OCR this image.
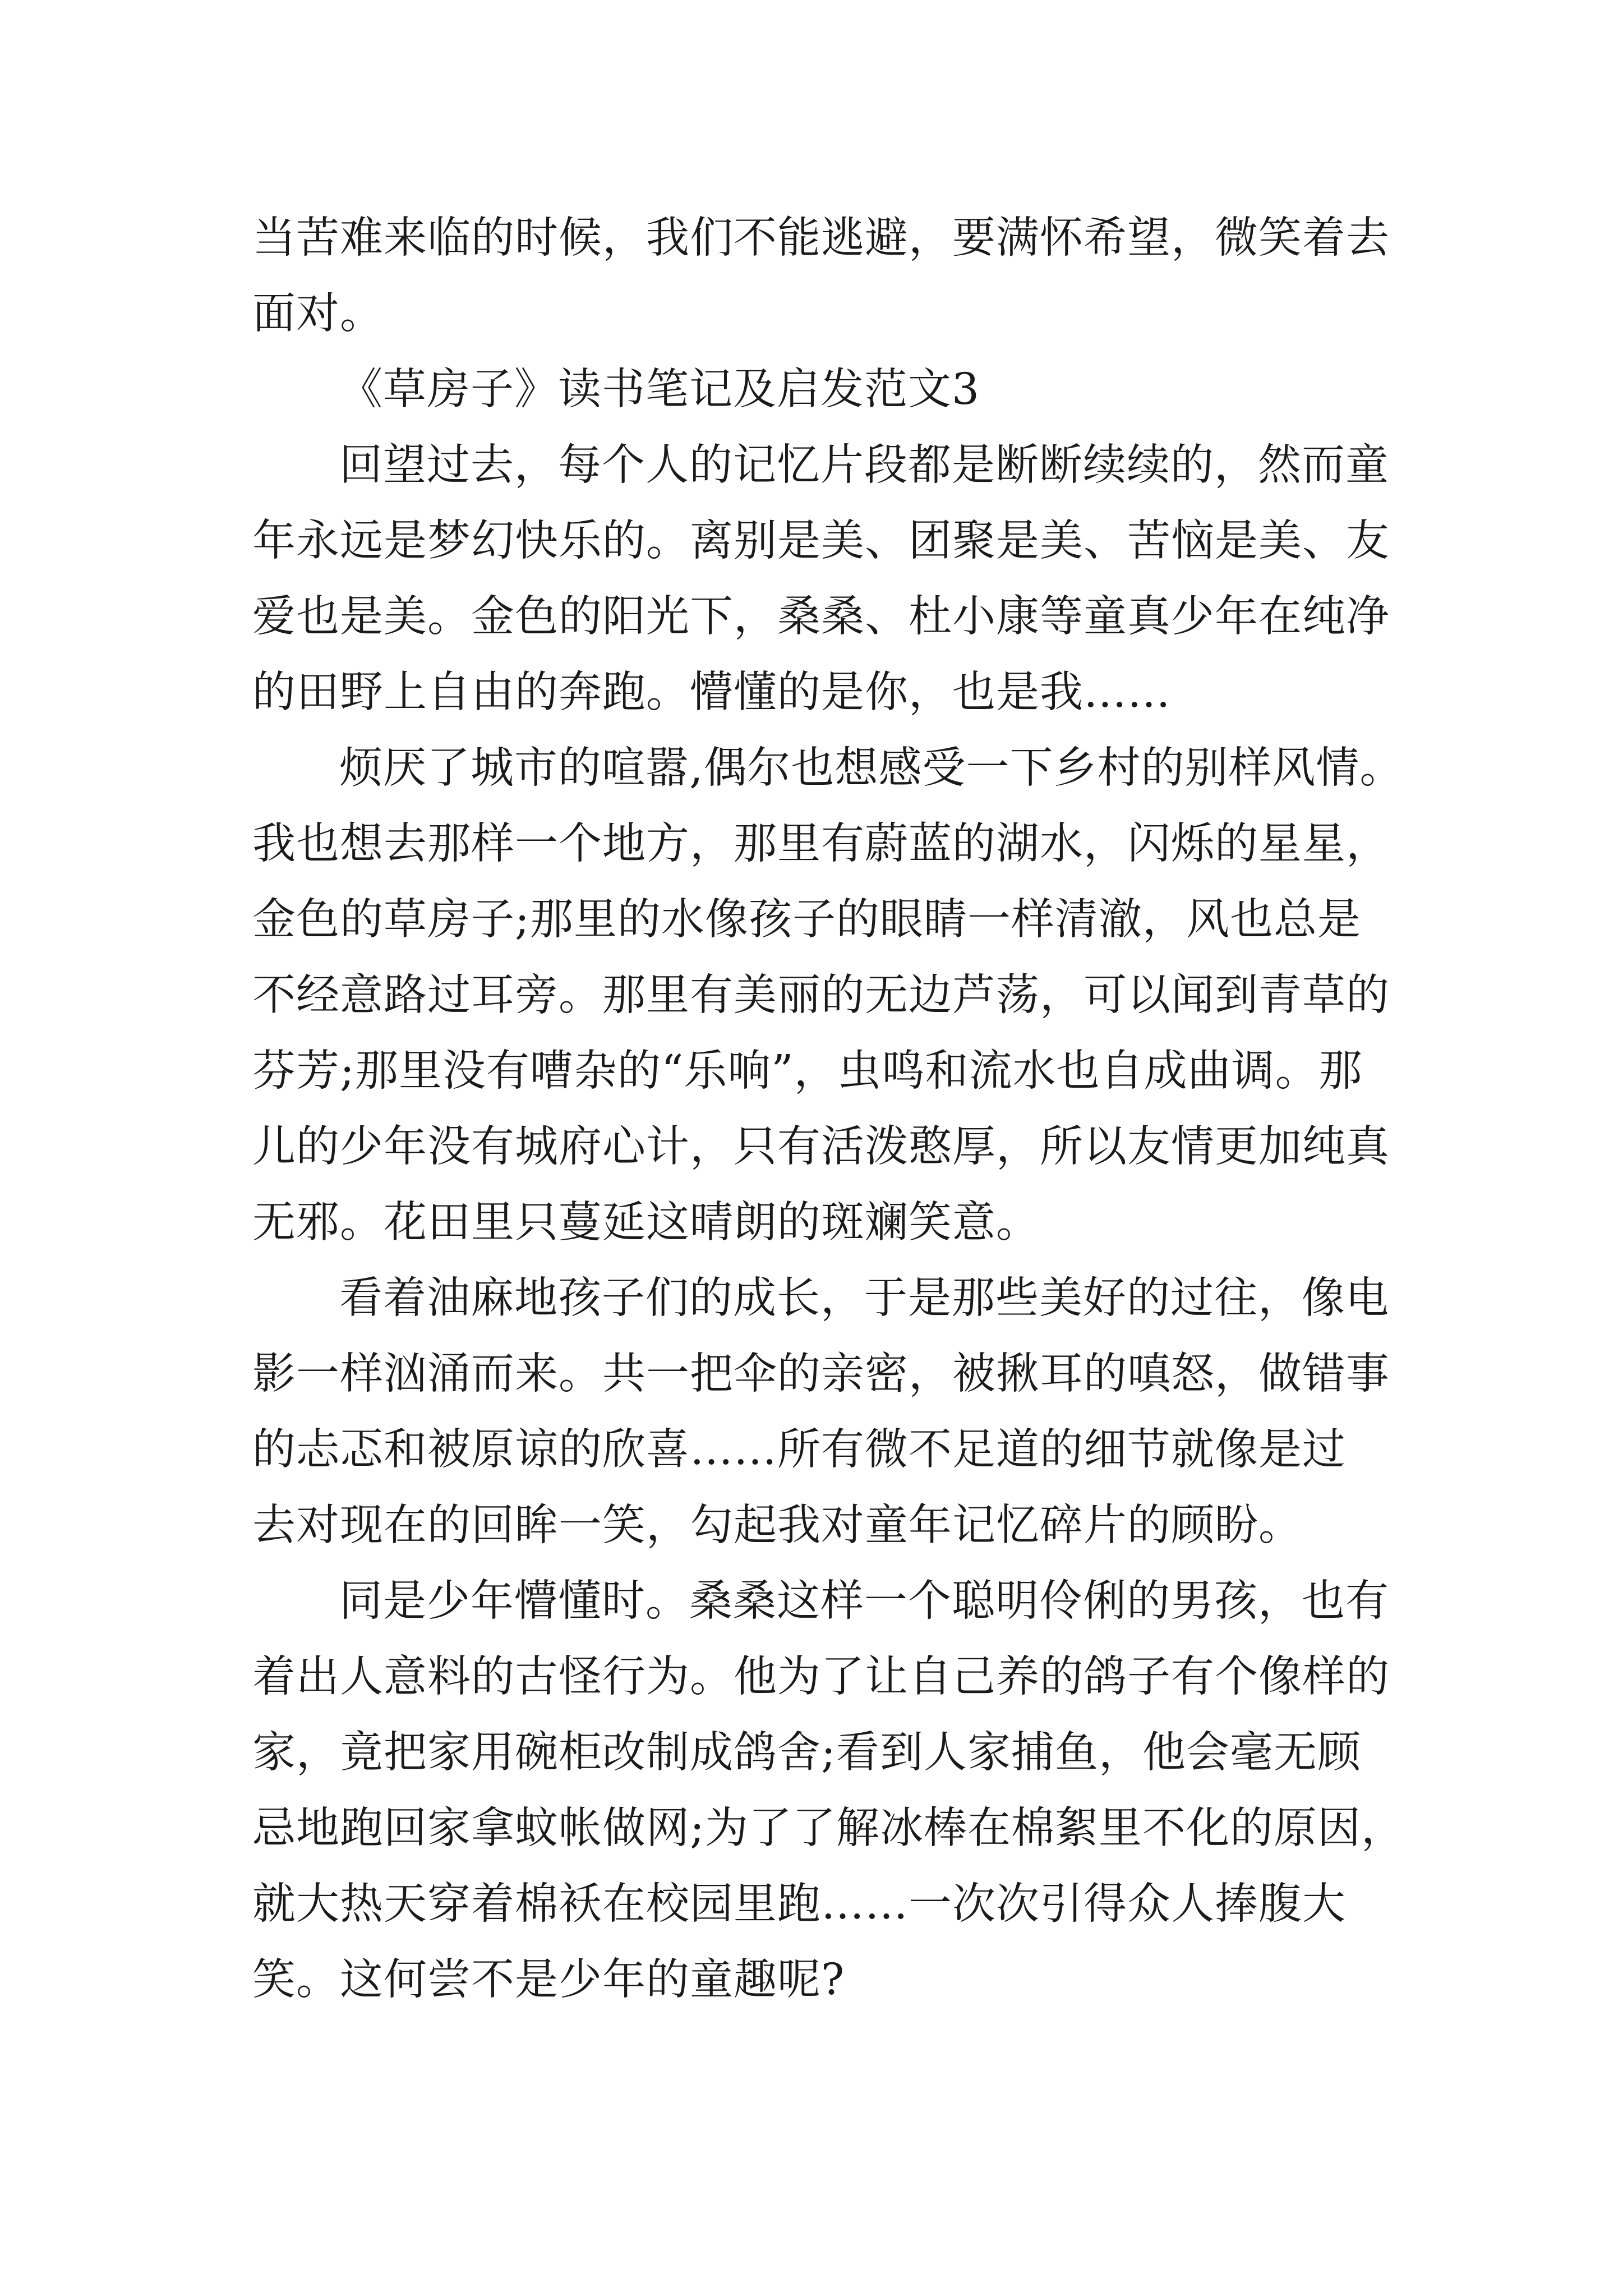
当苦难来临的时候，我们不能逃避，要满怀希望，微笑着去

面对。

《草房子》读书笔记及启发范文3

回望过去，每个人的记忆片段都是断断续续的，然而童

年永远是梦幻快乐的。离别是美、团聚是美、苦恼是美、友

爱也是美。金色的阳光下，桑桑、杜小康等童真少年在纯净

的田野上自由的奔跑。懵懂的是你，也是我……

烦厌了城市的喧嚣,偶尔也想感受一下乡村的别样风情。

我也想去那样一个地方，那里有蔚蓝的湖水，闪烁的星星，

金色的草房子;那里的水像孩子的眼睛一样清澈，风也总是

不经意路过耳旁。那里有美丽的无边芦荡，可以闻到青草的

芬芳;那里没有嘈杂的“乐响”，虫鸣和流水也自成曲调。那

儿的少年没有城府心计，只有活泼憨厚，所以友情更加纯真

无邪。花田里只蔓延这晴朗的斑斓笑意。

看着油麻地孩子们的成长，于是那些美好的过往，像电

影一样汹涌而来。共一把伞的亲密，被揪耳的嗔怒，做错事

的忐忑和被原谅的欣喜……所有微不足道的细节就像是过

去对现在的回眸一笑，勾起我对童年记忆碎片的顾盼。

同是少年懵懂时。桑桑这样一个聪明伶俐的男孩，也有

着出人意料的古怪行为。他为了让自己养的鸽子有个像样的

家，竟把家用碗柜改制成鸽舍;看到人家捕鱼，他会毫无顾

忌地跑回家拿蚊帐做网;为了了解冰棒在棉絮里不化的原因，

就大热天穿着棉袄在校园里跑……一次次引得众人捧腹大

笑。这何尝不是少年的童趣呢?
